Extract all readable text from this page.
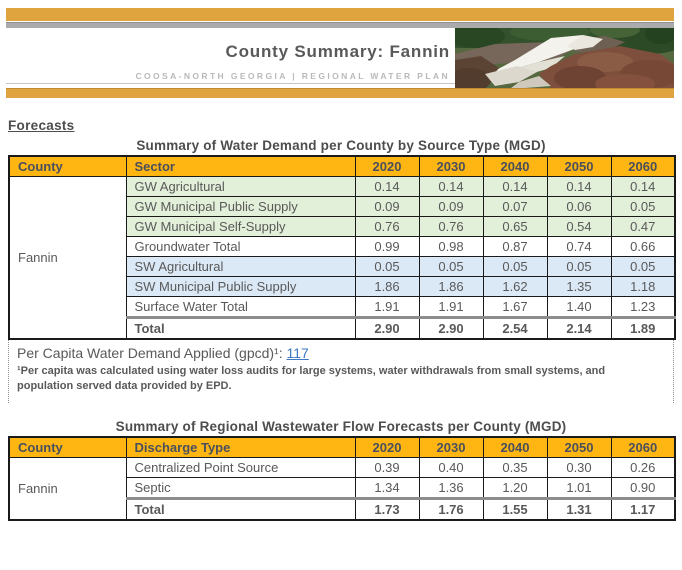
County Summary: Fannin
COOSA-NORTH GEORGIA | REGIONAL WATER PLAN
Forecasts
Summary of Water Demand per County by Source Type (MGD)
County	Sector	2020	2030	2040	2050	2060
Fannin	GW Agricultural	0.14	0.14	0.14	0.14	0.14
	GW Municipal Public Supply	0.09	0.09	0.07	0.06	0.05
	GW Municipal Self-Supply	0.76	0.76	0.65	0.54	0.47
	Groundwater Total	0.99	0.98	0.87	0.74	0.66
	SW Agricultural	0.05	0.05	0.05	0.05	0.05
	SW Municipal Public Supply	1.86	1.86	1.62	1.35	1.18
	Surface Water Total	1.91	1.91	1.67	1.40	1.23
	Total	2.90	2.90	2.54	2.14	1.89
Per Capita Water Demand Applied (gpcd)¹: 117
¹Per capita was calculated using water loss audits for large systems, water withdrawals from small systems, and population served data provided by EPD.
Summary of Regional Wastewater Flow Forecasts per County (MGD)
County	Discharge Type	2020	2030	2040	2050	2060
Fannin	Centralized Point Source	0.39	0.40	0.35	0.30	0.26
	Septic	1.34	1.36	1.20	1.01	0.90
	Total	1.73	1.76	1.55	1.31	1.17
